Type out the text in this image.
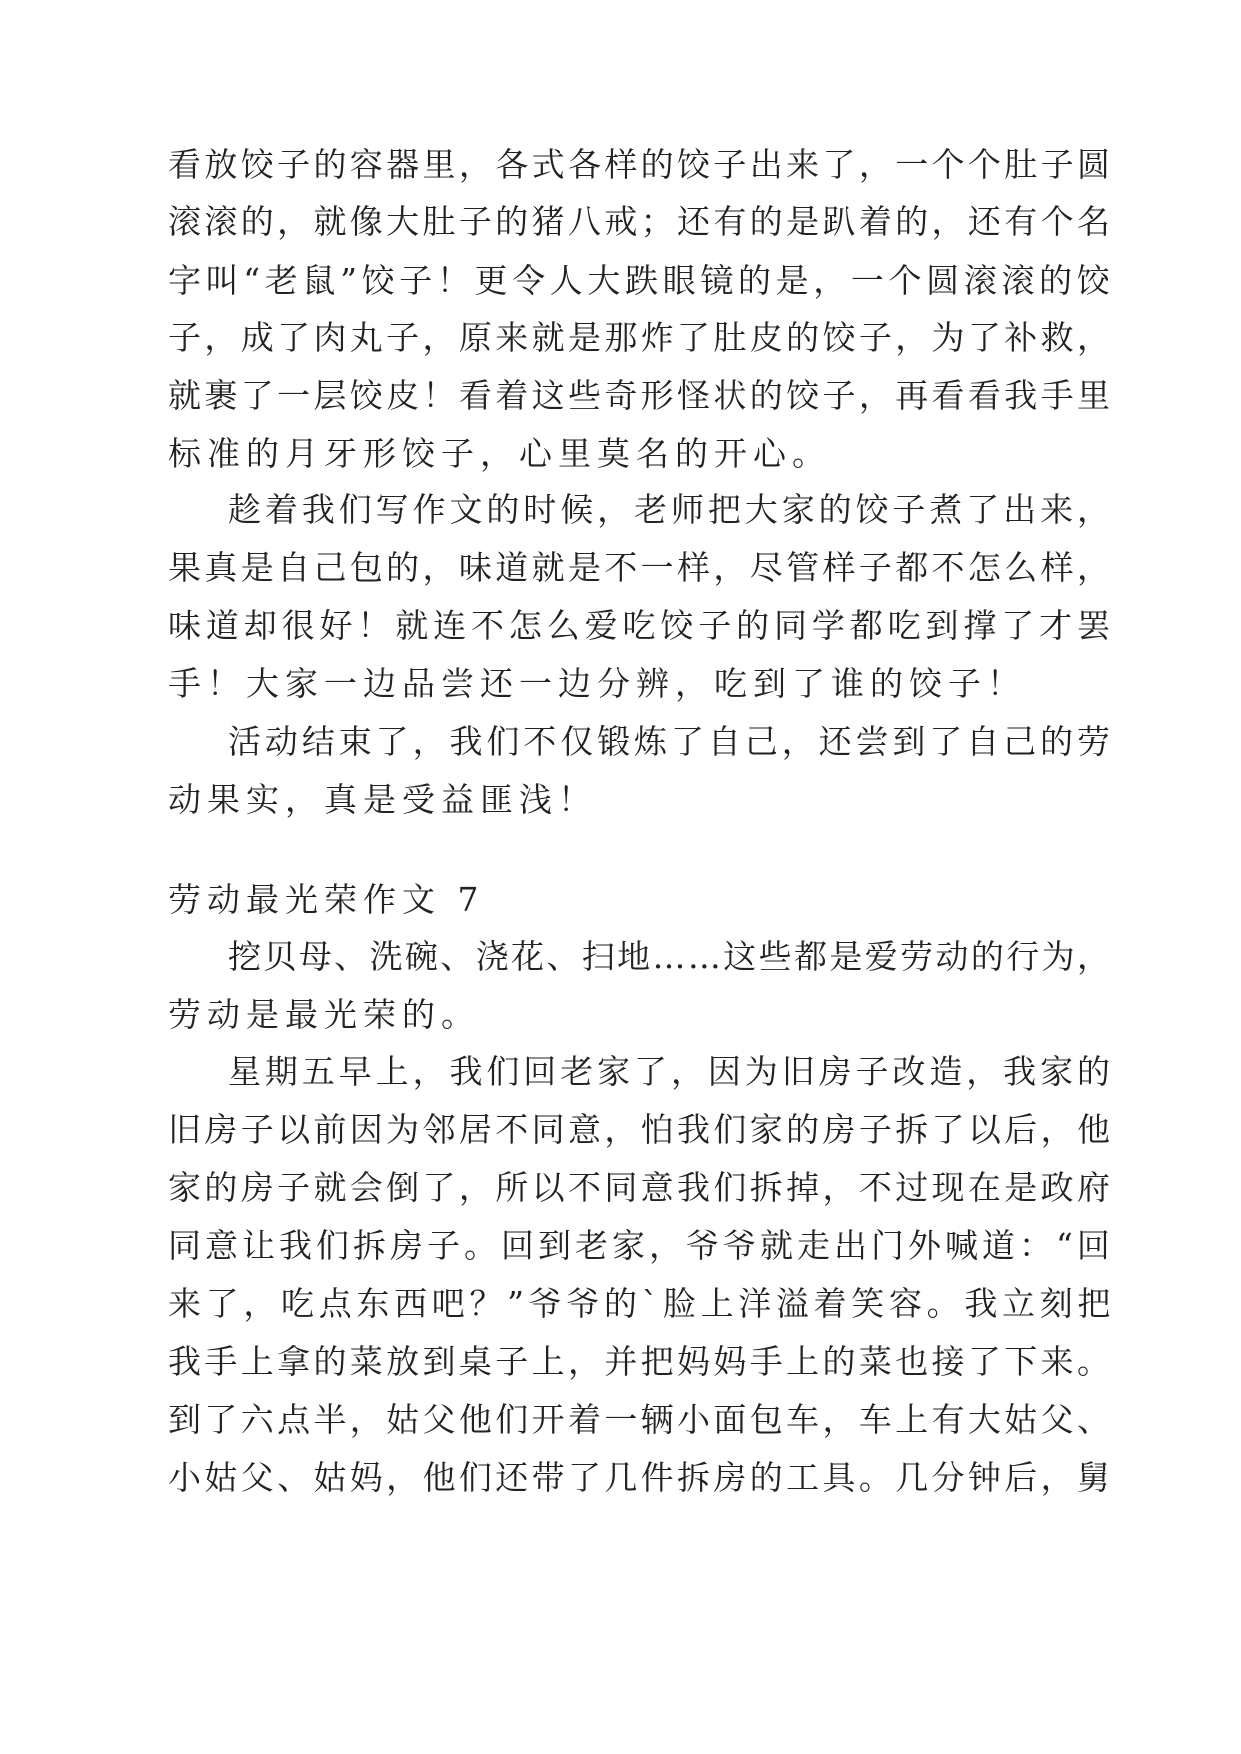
看放饺子的容器里，各式各样的饺子出来了，一个个肚子圆
滚滚的，就像大肚子的猪八戒；还有的是趴着的，还有个名
字叫“老鼠”饺子！更令人大跌眼镜的是，一个圆滚滚的饺
子，成了肉丸子，原来就是那炸了肚皮的饺子，为了补救，
就裹了一层饺皮！看着这些奇形怪状的饺子，再看看我手里
标准的月牙形饺子，心里莫名的开心。
趁着我们写作文的时候，老师把大家的饺子煮了出来，
果真是自己包的，味道就是不一样，尽管样子都不怎么样，
味道却很好！就连不怎么爱吃饺子的同学都吃到撑了才罢
手！大家一边品尝还一边分辨，吃到了谁的饺子！
活动结束了，我们不仅锻炼了自己，还尝到了自己的劳
动果实，真是受益匪浅！
劳动最光荣作文 7
挖贝母、洗碗、浇花、扫地……这些都是爱劳动的行为，
劳动是最光荣的。
星期五早上，我们回老家了，因为旧房子改造，我家的
旧房子以前因为邻居不同意，怕我们家的房子拆了以后，他
家的房子就会倒了，所以不同意我们拆掉，不过现在是政府
同意让我们拆房子。回到老家，爷爷就走出门外喊道：“回
来了，吃点东西吧？”爷爷的`脸上洋溢着笑容。我立刻把
我手上拿的菜放到桌子上，并把妈妈手上的菜也接了下来。
到了六点半，姑父他们开着一辆小面包车，车上有大姑父、
小姑父、姑妈，他们还带了几件拆房的工具。几分钟后，舅
